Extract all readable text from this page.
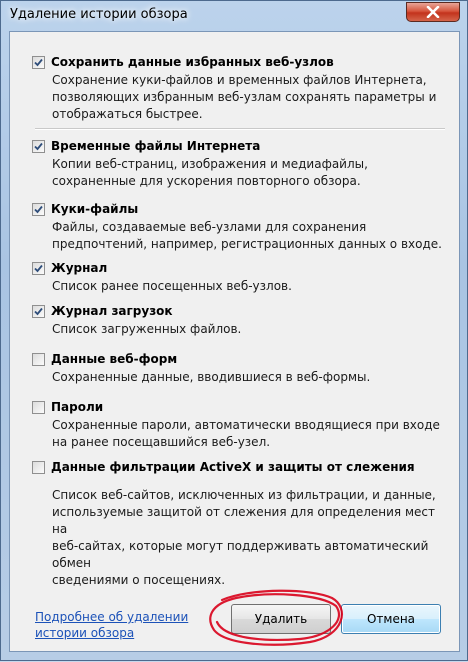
Удаление истории обзора
Подробнее об удалении
истории обзора
Удалить	Отмена
Сохранить данные избранных веб-узлов
Сохранение куки-файлов и временных файлов Интернета,
позволяющих избранным веб-узлам сохранять параметры и
отображаться быстрее.
Временные файлы Интернета
Копии веб-страниц, изображения и медиафайлы,
сохраненные для ускорения повторного обзора.
Куки-файлы
Файлы, создаваемые веб-узлами для сохранения
предпочтений, например, регистрационных данных о входе.
Журнал
Список ранее посещенных веб-узлов.
Журнал загрузок
Список загруженных файлов.
Данные веб-форм
Сохраненные данные, вводившиеся в веб-формы.
Пароли
Сохраненные пароли, автоматически вводящиеся при входе
на ранее посещавшийся веб-узел.
Данные фильтрации ActiveX и защиты от слежения
Список веб-сайтов, исключенных из фильтрации, и данные,
используемые защитой от слежения для определения мест на
веб-сайтах, которые могут поддерживать автоматический обмен
сведениями о посещениях.
